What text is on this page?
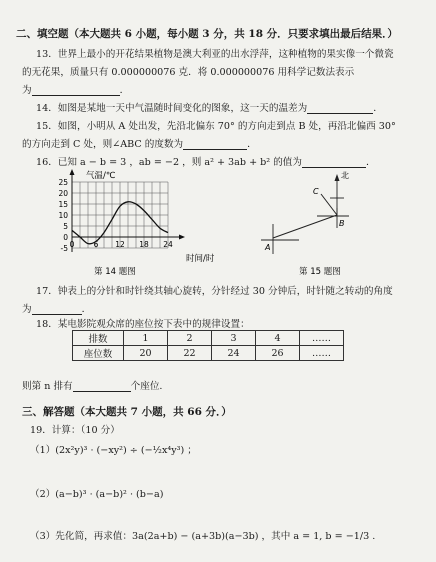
二、填空题（本大题共 6 小题，每小题 3 分，共 18 分．只要求填出最后结果．）
13．世界上最小的开花结果植物是澳大利亚的出水浮萍，这种植物的果实像一个微瓷
的无花果，质量只有 0.000000076 克．将 0.000000076 用科学记数法表示
为	．
14．如图是某地一天中气温随时间变化的图象，这一天的温差为	．
15．如图，小明从 A 处出发，先沿北偏东 70° 的方向走到点 B 处，再沿北偏西 30°
的方向走到 C 处，则∠ABC 的度数为	．
16．已知 a − b = 3 ，ab = −2 ，则 a² + 3ab + b² 的值为	．
25
20
15
10
5
0
-5 0	6 12 18 24
气温/℃
时间/时
第 14 题图
北
A
B
C
第 15 题图
17．钟表上的分针和时针绕其轴心旋转，分针经过 30 分钟后，时针随之转动的角度
为	．
18．某电影院观众席的座位按下表中的规律设置：
排数	1	2	3	4	……
座位数	20	22	24	26	……
则第 n 排有	个座位.
三、解答题（本大题共 7 小题，共 66 分．）
19．计算：（10 分）
（1）(2x²y)³ · (−xy²) ÷ (−½x⁴y³) ；
（2）(a−b)³ · (a−b)² · (b−a)
（3）先化简，再求值：3a(2a+b) − (a+3b)(a−3b) ，其中 a = 1, b = −1/3 .
